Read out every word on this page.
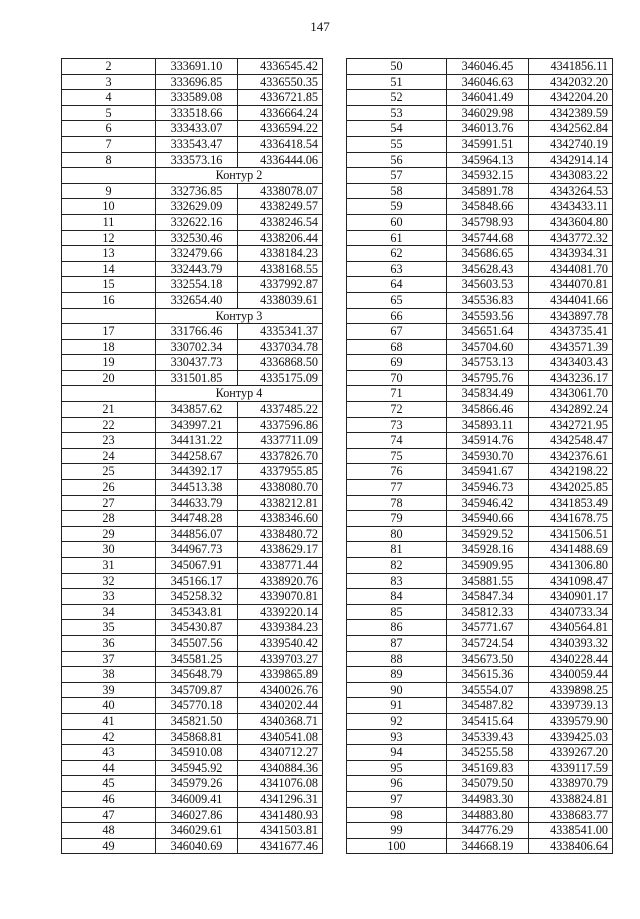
147
2	333691.10	4336545.42
3	333696.85	4336550.35
4	333589.08	4336721.85
5	333518.66	4336664.24
6	333433.07	4336594.22
7	333543.47	4336418.54
8	333573.16	4336444.06
	Контур 2	
9	332736.85	4338078.07
10	332629.09	4338249.57
11	332622.16	4338246.54
12	332530.46	4338206.44
13	332479.66	4338184.23
14	332443.79	4338168.55
15	332554.18	4337992.87
16	332654.40	4338039.61
	Контур 3	
17	331766.46	4335341.37
18	330702.34	4337034.78
19	330437.73	4336868.50
20	331501.85	4335175.09
	Контур 4	
21	343857.62	4337485.22
22	343997.21	4337596.86
23	344131.22	4337711.09
24	344258.67	4337826.70
25	344392.17	4337955.85
26	344513.38	4338080.70
27	344633.79	4338212.81
28	344748.28	4338346.60
29	344856.07	4338480.72
30	344967.73	4338629.17
31	345067.91	4338771.44
32	345166.17	4338920.76
33	345258.32	4339070.81
34	345343.81	4339220.14
35	345430.87	4339384.23
36	345507.56	4339540.42
37	345581.25	4339703.27
38	345648.79	4339865.89
39	345709.87	4340026.76
40	345770.18	4340202.44
41	345821.50	4340368.71
42	345868.81	4340541.08
43	345910.08	4340712.27
44	345945.92	4340884.36
45	345979.26	4341076.08
46	346009.41	4341296.31
47	346027.86	4341480.93
48	346029.61	4341503.81
49	346040.69	4341677.46
50	346046.45	4341856.11
51	346046.63	4342032.20
52	346041.49	4342204.20
53	346029.98	4342389.59
54	346013.76	4342562.84
55	345991.51	4342740.19
56	345964.13	4342914.14
57	345932.15	4343083.22
58	345891.78	4343264.53
59	345848.66	4343433.11
60	345798.93	4343604.80
61	345744.68	4343772.32
62	345686.65	4343934.31
63	345628.43	4344081.70
64	345603.53	4344070.81
65	345536.83	4344041.66
66	345593.56	4343897.78
67	345651.64	4343735.41
68	345704.60	4343571.39
69	345753.13	4343403.43
70	345795.76	4343236.17
71	345834.49	4343061.70
72	345866.46	4342892.24
73	345893.11	4342721.95
74	345914.76	4342548.47
75	345930.70	4342376.61
76	345941.67	4342198.22
77	345946.73	4342025.85
78	345946.42	4341853.49
79	345940.66	4341678.75
80	345929.52	4341506.51
81	345928.16	4341488.69
82	345909.95	4341306.80
83	345881.55	4341098.47
84	345847.34	4340901.17
85	345812.33	4340733.34
86	345771.67	4340564.81
87	345724.54	4340393.32
88	345673.50	4340228.44
89	345615.36	4340059.44
90	345554.07	4339898.25
91	345487.82	4339739.13
92	345415.64	4339579.90
93	345339.43	4339425.03
94	345255.58	4339267.20
95	345169.83	4339117.59
96	345079.50	4338970.79
97	344983.30	4338824.81
98	344883.80	4338683.77
99	344776.29	4338541.00
100	344668.19	4338406.64
